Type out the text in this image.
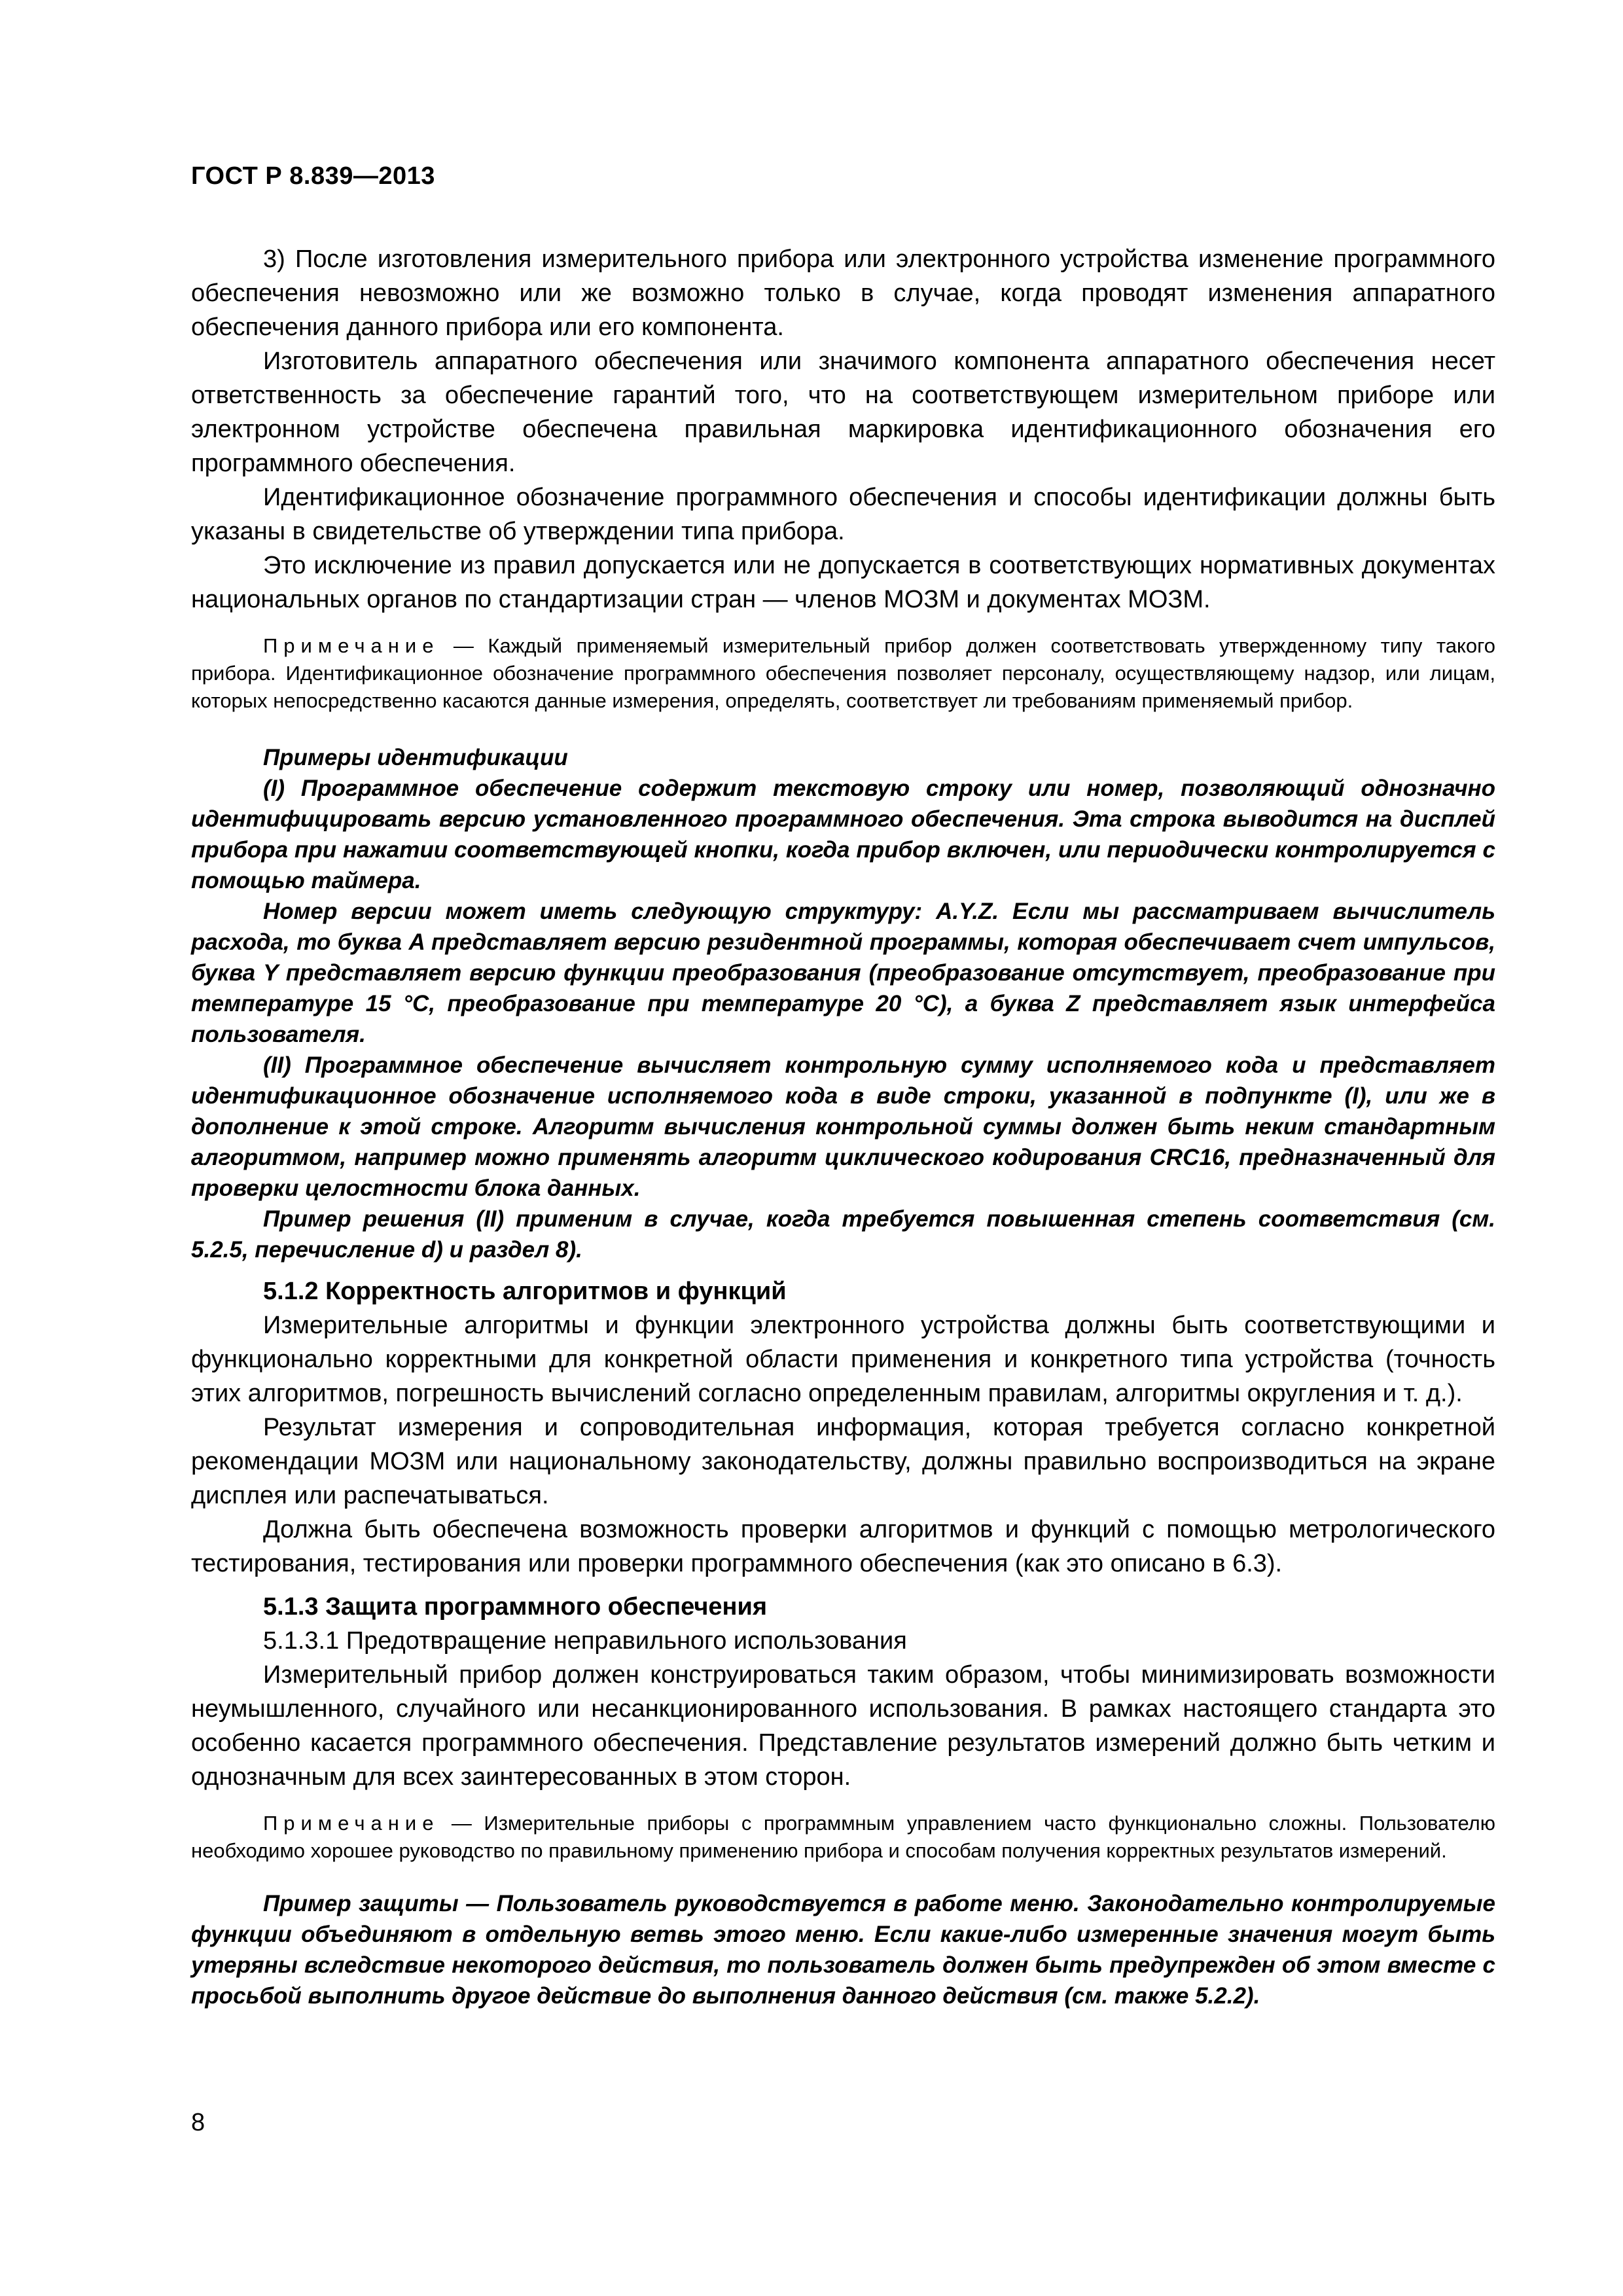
ГОСТ Р 8.839—2013

3) После изготовления измерительного прибора или электронного устройства изменение программного обеспечения невозможно или же возможно только в случае, когда проводят изменения аппаратного обеспечения данного прибора или его компонента.

Изготовитель аппаратного обеспечения или значимого компонента аппаратного обеспечения несет ответственность за обеспечение гарантий того, что на соответствующем измерительном приборе или электронном устройстве обеспечена правильная маркировка идентификационного обозначения его программного обеспечения.

Идентификационное обозначение программного обеспечения и способы идентификации должны быть указаны в свидетельстве об утверждении типа прибора.

Это исключение из правил допускается или не допускается в соответствующих нормативных документах национальных органов по стандартизации стран — членов МОЗМ и документах МОЗМ.

Примечание — Каждый применяемый измерительный прибор должен соответствовать утвержденному типу такого прибора. Идентификационное обозначение программного обеспечения позволяет персоналу, осуществляющему надзор, или лицам, которых непосредственно касаются данные измерения, определять, соответствует ли требованиям применяемый прибор.

Примеры идентификации

(I) Программное обеспечение содержит текстовую строку или номер, позволяющий однозначно идентифицировать версию установленного программного обеспечения. Эта строка выводится на дисплей прибора при нажатии соответствующей кнопки, когда прибор включен, или периодически контролируется с помощью таймера.

Номер версии может иметь следующую структуру: A.Y.Z. Если мы рассматриваем вычислитель расхода, то буква A представляет версию резидентной программы, которая обеспечивает счет импульсов, буква Y представляет версию функции преобразования (преобразование отсутствует, преобразование при температуре 15 °С, преобразование при температуре 20 °С), а буква Z представляет язык интерфейса пользователя.

(II) Программное обеспечение вычисляет контрольную сумму исполняемого кода и представляет идентификационное обозначение исполняемого кода в виде строки, указанной в подпункте (I), или же в дополнение к этой строке. Алгоритм вычисления контрольной суммы должен быть неким стандартным алгоритмом, например можно применять алгоритм циклического кодирования CRC16, предназначенный для проверки целостности блока данных.

Пример решения (II) применим в случае, когда требуется повышенная степень соответствия (см. 5.2.5, перечисление d) и раздел 8).

5.1.2 Корректность алгоритмов и функций

Измерительные алгоритмы и функции электронного устройства должны быть соответствующими и функционально корректными для конкретной области применения и конкретного типа устройства (точность этих алгоритмов, погрешность вычислений согласно определенным правилам, алгоритмы округления и т. д.).

Результат измерения и сопроводительная информация, которая требуется согласно конкретной рекомендации МОЗМ или национальному законодательству, должны правильно воспроизводиться на экране дисплея или распечатываться.

Должна быть обеспечена возможность проверки алгоритмов и функций с помощью метрологического тестирования, тестирования или проверки программного обеспечения (как это описано в 6.3).

5.1.3 Защита программного обеспечения

5.1.3.1 Предотвращение неправильного использования

Измерительный прибор должен конструироваться таким образом, чтобы минимизировать возможности неумышленного, случайного или несанкционированного использования. В рамках настоящего стандарта это особенно касается программного обеспечения. Представление результатов измерений должно быть четким и однозначным для всех заинтересованных в этом сторон.

Примечание — Измерительные приборы с программным управлением часто функционально сложны. Пользователю необходимо хорошее руководство по правильному применению прибора и способам получения корректных результатов измерений.

Пример защиты — Пользователь руководствуется в работе меню. Законодательно контролируемые функции объединяют в отдельную ветвь этого меню. Если какие-либо измеренные значения могут быть утеряны вследствие некоторого действия, то пользователь должен быть предупрежден об этом вместе с просьбой выполнить другое действие до выполнения данного действия (см. также 5.2.2).

8
